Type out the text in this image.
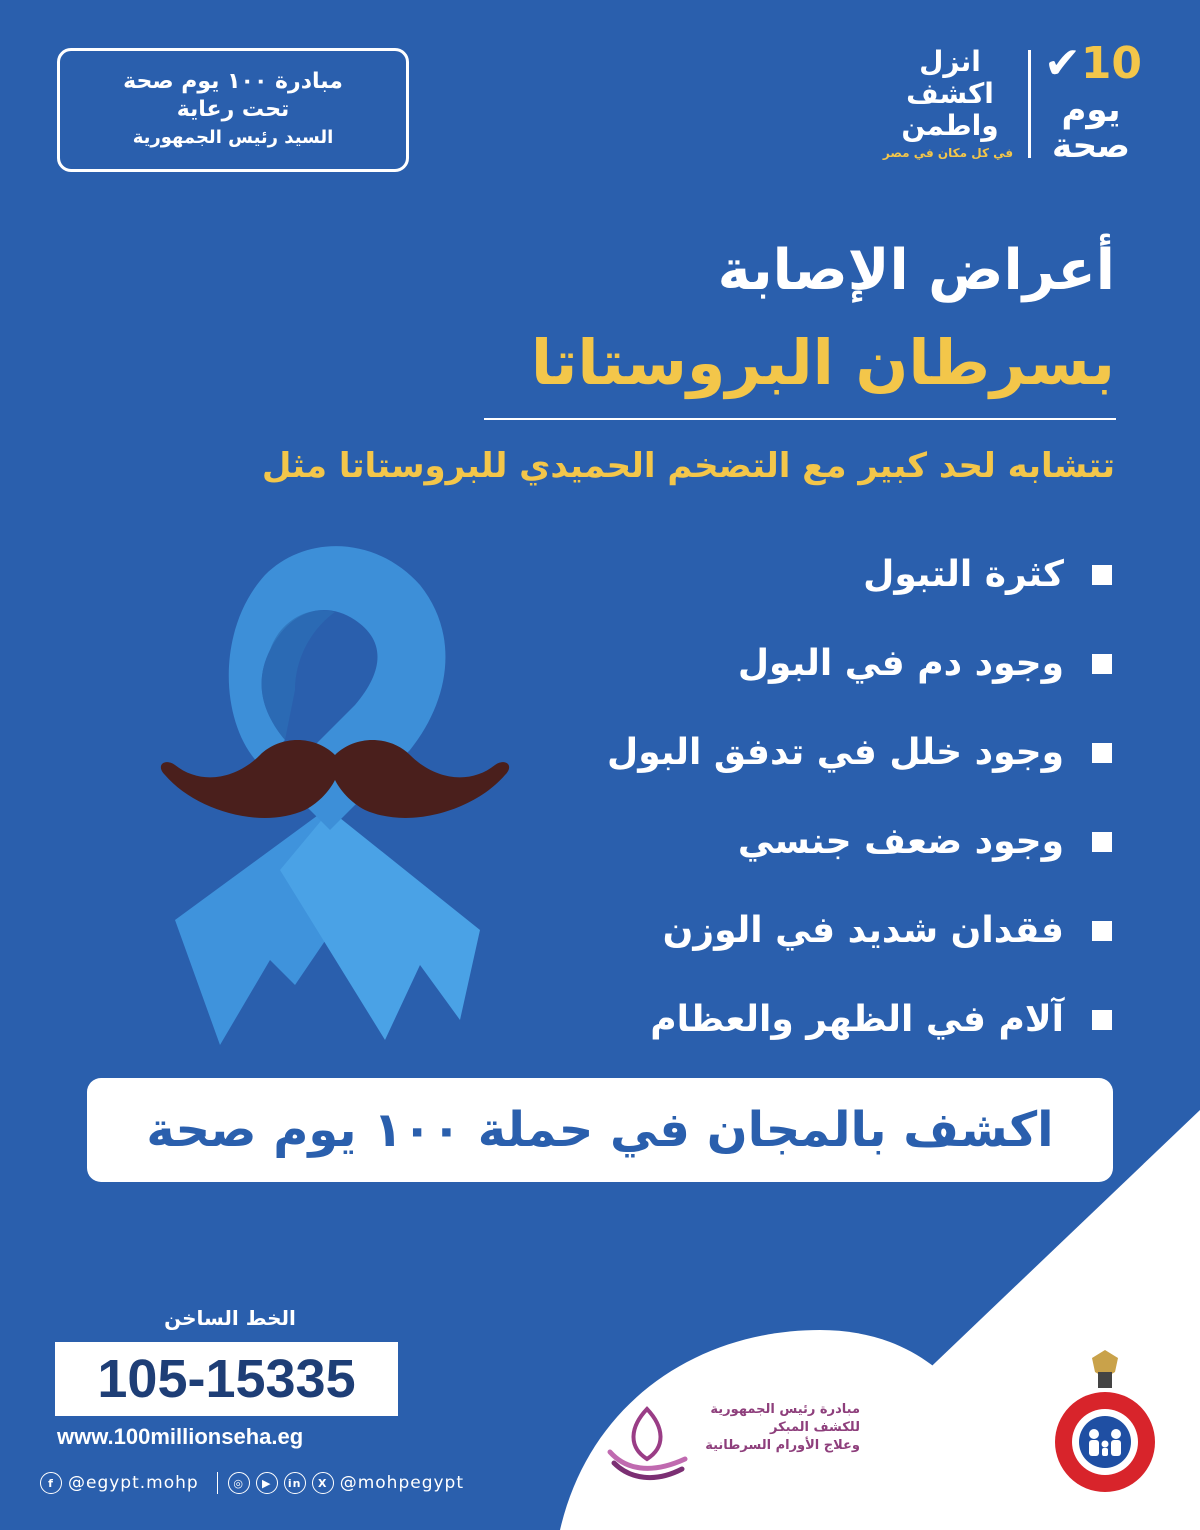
مبادرة ١٠٠ يوم صحة
تحت رعاية
السيد رئيس الجمهورية
10✔
يوم
صحة
انزل
اكشف
واطمن
في كل مكان في مصر
أعراض الإصابة
بسرطان البروستاتا
تتشابه لحد كبير مع التضخم الحميدي للبروستاتا مثل
كثرة التبول
وجود دم في البول
وجود خلل في تدفق البول
وجود ضعف جنسي
فقدان شديد في الوزن
آلام في الظهر والعظام
اكشف بالمجان في حملة ١٠٠ يوم صحة
الخط الساخن
105-15335
www.100millionseha.eg
f @egypt.mohp	◎	▶	in	X @mohpegypt
مبادرة رئيس الجمهورية
للكشف المبكر
وعلاج الأورام السرطانية
